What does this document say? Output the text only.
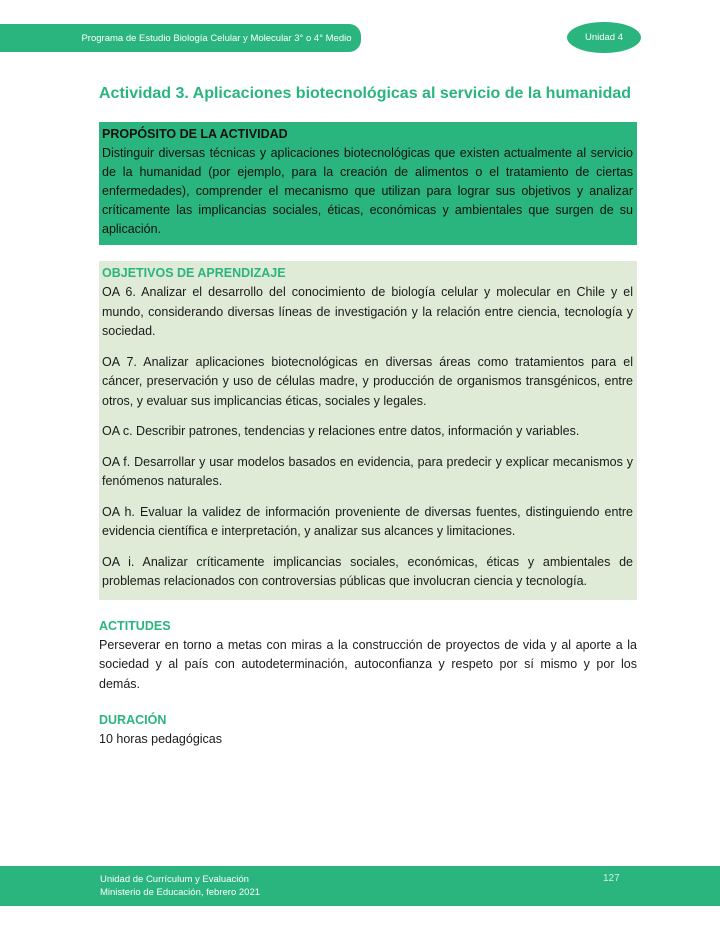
Programa de Estudio Biología Celular y Molecular 3° o 4° Medio	Unidad 4
Actividad 3. Aplicaciones biotecnológicas al servicio de la humanidad
PROPÓSITO DE LA ACTIVIDAD

Distinguir diversas técnicas y aplicaciones biotecnológicas que existen actualmente al servicio de la humanidad (por ejemplo, para la creación de alimentos o el tratamiento de ciertas enfermedades), comprender el mecanismo que utilizan para lograr sus objetivos y analizar críticamente las implicancias sociales, éticas, económicas y ambientales que surgen de su aplicación.

OBJETIVOS DE APRENDIZAJE

OA 6. Analizar el desarrollo del conocimiento de biología celular y molecular en Chile y el mundo, considerando diversas líneas de investigación y la relación entre ciencia, tecnología y sociedad.

OA 7. Analizar aplicaciones biotecnológicas en diversas áreas como tratamientos para el cáncer, preservación y uso de células madre, y producción de organismos transgénicos, entre otros, y evaluar sus implicancias éticas, sociales y legales.

OA c. Describir patrones, tendencias y relaciones entre datos, información y variables.

OA f. Desarrollar y usar modelos basados en evidencia, para predecir y explicar mecanismos y fenómenos naturales.

OA h. Evaluar la validez de información proveniente de diversas fuentes, distinguiendo entre evidencia científica e interpretación, y analizar sus alcances y limitaciones.

OA i. Analizar críticamente implicancias sociales, económicas, éticas y ambientales de problemas relacionados con controversias públicas que involucran ciencia y tecnología.

ACTITUDES

Perseverar en torno a metas con miras a la construcción de proyectos de vida y al aporte a la sociedad y al país con autodeterminación, autoconfianza y respeto por sí mismo y por los demás.

DURACIÓN

10 horas pedagógicas

Unidad de Currículum y Evaluación
Ministerio de Educación, febrero 2021
127
